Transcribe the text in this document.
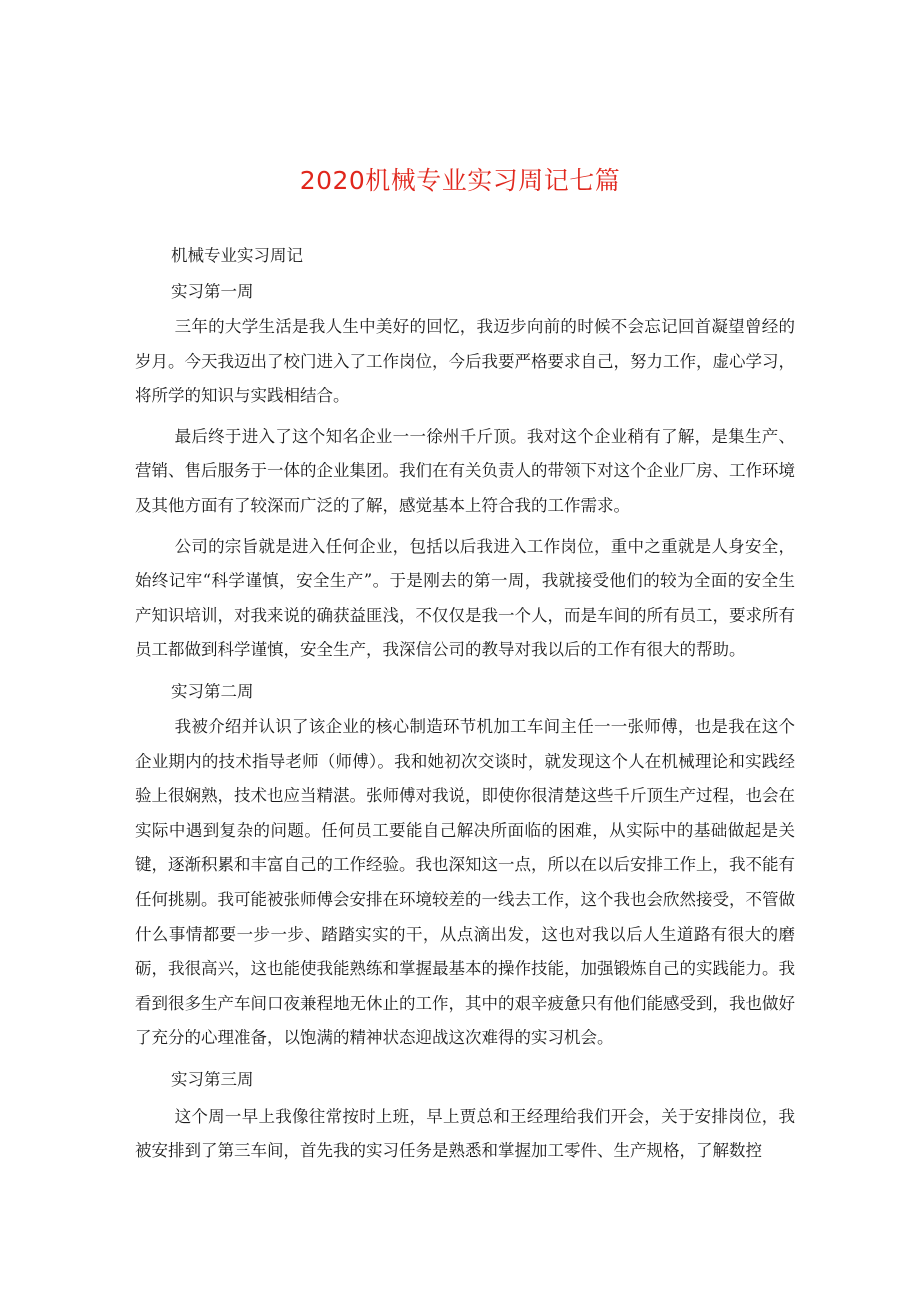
2020机械专业实习周记七篇
机械专业实习周记
实习第一周

三年的大学生活是我人生中美好的回忆，我迈步向前的时候不会忘记回首凝望曾经的岁月。今天我迈出了校门进入了工作岗位，今后我要严格要求自己，努力工作，虚心学习，将所学的知识与实践相结合。

最后终于进入了这个知名企业一一徐州千斤顶。我对这个企业稍有了解，是集生产、营销、售后服务于一体的企业集团。我们在有关负责人的带领下对这个企业厂房、工作环境及其他方面有了较深而广泛的了解，感觉基本上符合我的工作需求。

公司的宗旨就是进入任何企业，包括以后我进入工作岗位，重中之重就是人身安全，始终记牢“科学谨慎，安全生产”。于是刚去的第一周，我就接受他们的较为全面的安全生产知识培训，对我来说的确获益匪浅，不仅仅是我一个人，而是车间的所有员工，要求所有员工都做到科学谨慎，安全生产，我深信公司的教导对我以后的工作有很大的帮助。

实习第二周

我被介绍并认识了该企业的核心制造环节机加工车间主任一一张师傅，也是我在这个企业期内的技术指导老师（师傅）。我和她初次交谈时，就发现这个人在机械理论和实践经验上很娴熟，技术也应当精湛。张师傅对我说，即使你很清楚这些千斤顶生产过程，也会在实际中遇到复杂的问题。任何员工要能自己解决所面临的困难，从实际中的基础做起是关键，逐渐积累和丰富自己的工作经验。我也深知这一点，所以在以后安排工作上，我不能有任何挑剔。我可能被张师傅会安排在环境较差的一线去工作，这个我也会欣然接受，不管做什么事情都要一步一步、踏踏实实的干，从点滴出发，这也对我以后人生道路有很大的磨砺，我很高兴，这也能使我能熟练和掌握最基本的操作技能，加强锻炼自己的实践能力。我看到很多生产车间口夜兼程地无休止的工作，其中的艰辛疲惫只有他们能感受到，我也做好了充分的心理准备，以饱满的精神状态迎战这次难得的实习机会。

实习第三周

这个周一早上我像往常按时上班，早上贾总和王经理给我们开会，关于安排岗位，我被安排到了第三车间，首先我的实习任务是熟悉和掌握加工零件、生产规格，了解数控
